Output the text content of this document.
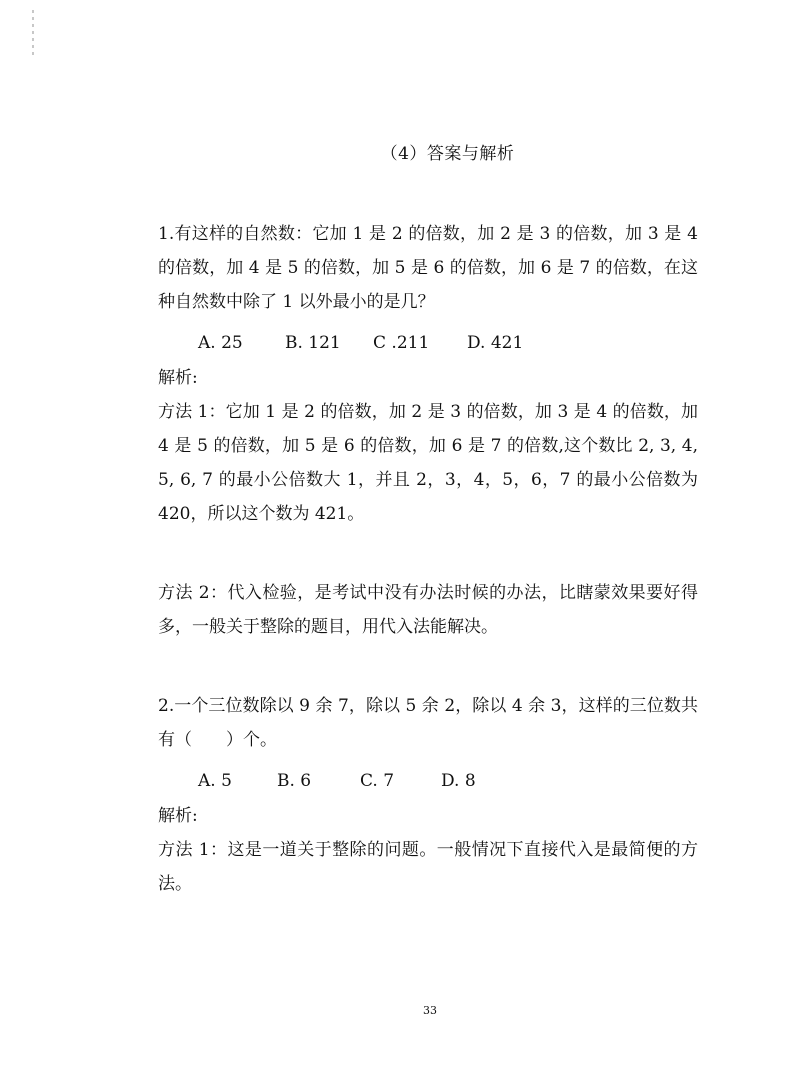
（4）答案与解析

1.有这样的自然数：它加 1 是 2 的倍数，加 2 是 3 的倍数，加 3 是 4 的倍数，加 4 是 5 的倍数，加 5 是 6 的倍数，加 6 是 7 的倍数，在这种自然数中除了 1 以外最小的是几？

A. 25	B. 121	C .211	D. 421

解析:

方法 1：它加 1 是 2 的倍数，加 2 是 3 的倍数，加 3 是 4 的倍数，加 4 是 5 的倍数，加 5 是 6 的倍数，加 6 是 7 的倍数,这个数比 2, 3, 4, 5, 6, 7 的最小公倍数大 1，并且 2，3，4，5，6，7 的最小公倍数为 420，所以这个数为 421。

方法 2：代入检验，是考试中没有办法时候的办法，比瞎蒙效果要好得多，一般关于整除的题目，用代入法能解决。

2.一个三位数除以 9 余 7，除以 5 余 2，除以 4 余 3，这样的三位数共有（　　）个。

A. 5	B. 6	C. 7	D. 8

解析:

方法 1：这是一道关于整除的问题。一般情况下直接代入是最简便的方法。

33
